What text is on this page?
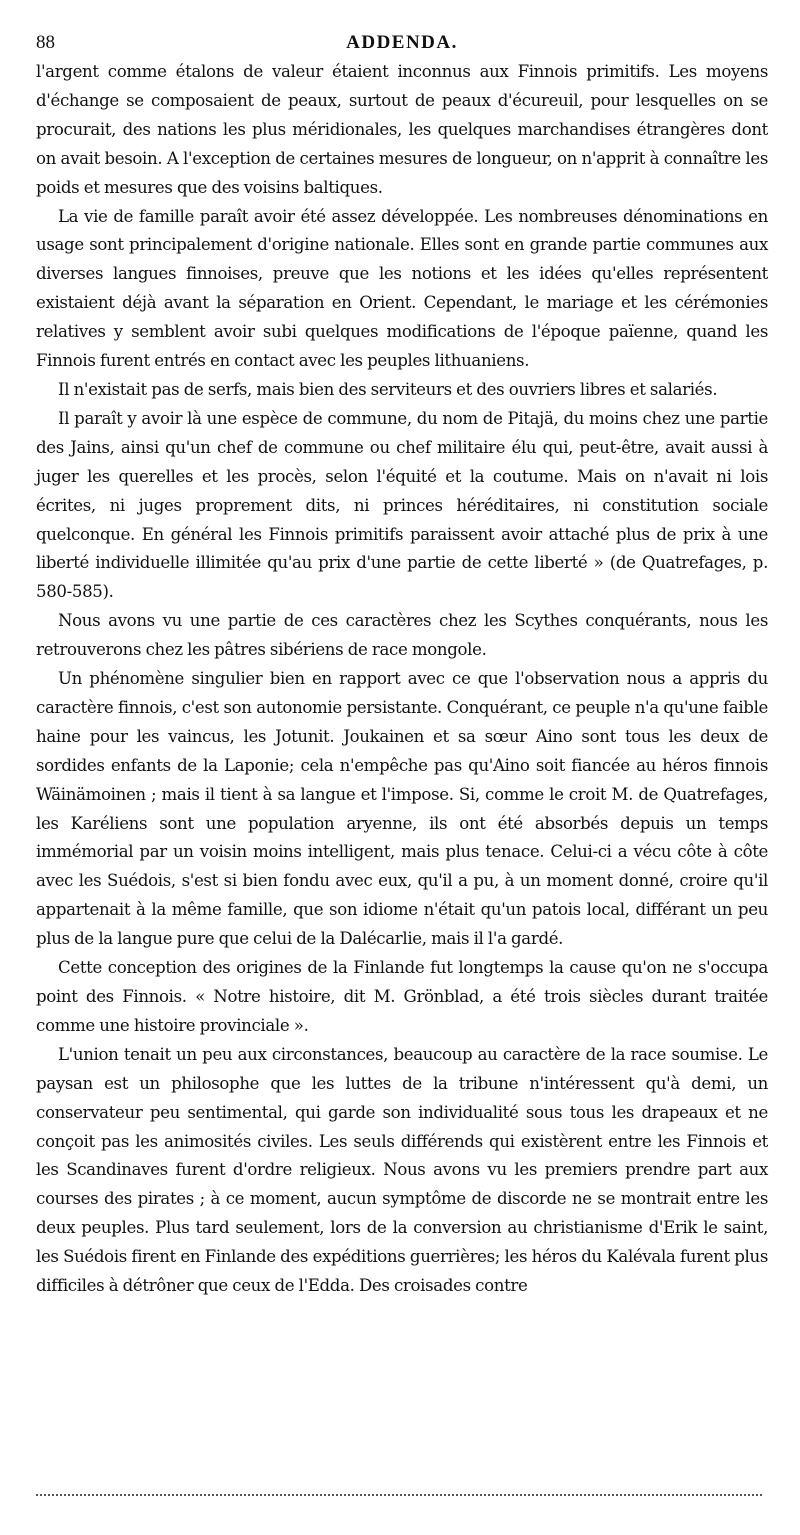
88	ADDENDA.

l'argent comme étalons de valeur étaient inconnus aux Finnois primitifs. Les moyens d'échange se composaient de peaux, surtout de peaux d'écureuil, pour lesquelles on se procurait, des nations les plus méridionales, les quelques marchandises étrangères dont on avait besoin. A l'exception de certaines mesures de longueur, on n'apprit à connaître les poids et mesures que des voisins baltiques.

La vie de famille paraît avoir été assez développée. Les nombreuses dénominations en usage sont principalement d'origine nationale. Elles sont en grande partie communes aux diverses langues finnoises, preuve que les notions et les idées qu'elles représentent existaient déjà avant la séparation en Orient. Cependant, le mariage et les cérémonies relatives y semblent avoir subi quelques modifications de l'époque païenne, quand les Finnois furent entrés en contact avec les peuples lithuaniens.

Il n'existait pas de serfs, mais bien des serviteurs et des ouvriers libres et salariés.

Il paraît y avoir là une espèce de commune, du nom de Pitajä, du moins chez une partie des Jains, ainsi qu'un chef de commune ou chef militaire élu qui, peut-être, avait aussi à juger les querelles et les procès, selon l'équité et la coutume. Mais on n'avait ni lois écrites, ni juges proprement dits, ni princes héréditaires, ni constitution sociale quelconque. En général les Finnois primitifs paraissent avoir attaché plus de prix à une liberté individuelle illimitée qu'au prix d'une partie de cette liberté » (de Quatrefages, p. 580-585).

Nous avons vu une partie de ces caractères chez les Scythes conquérants, nous les retrouverons chez les pâtres sibériens de race mongole.

Un phénomène singulier bien en rapport avec ce que l'observation nous a appris du caractère finnois, c'est son autonomie persistante. Conquérant, ce peuple n'a qu'une faible haine pour les vaincus, les Jotunit. Joukainen et sa sœur Aino sont tous les deux de sordides enfants de la Laponie; cela n'empêche pas qu'Aino soit fiancée au héros finnois Wäinämoinen ; mais il tient à sa langue et l'impose. Si, comme le croit M. de Quatrefages, les Karéliens sont une population aryenne, ils ont été absorbés depuis un temps immémorial par un voisin moins intelligent, mais plus tenace. Celui-ci a vécu côte à côte avec les Suédois, s'est si bien fondu avec eux, qu'il a pu, à un moment donné, croire qu'il appartenait à la même famille, que son idiome n'était qu'un patois local, différant un peu plus de la langue pure que celui de la Dalécarlie, mais il l'a gardé.

Cette conception des origines de la Finlande fut longtemps la cause qu'on ne s'occupa point des Finnois. « Notre histoire, dit M. Grönblad, a été trois siècles durant traitée comme une histoire provinciale ».

L'union tenait un peu aux circonstances, beaucoup au caractère de la race soumise. Le paysan est un philosophe que les luttes de la tribune n'intéressent qu'à demi, un conservateur peu sentimental, qui garde son individualité sous tous les drapeaux et ne conçoit pas les animosités civiles. Les seuls différends qui existèrent entre les Finnois et les Scandinaves furent d'ordre religieux. Nous avons vu les premiers prendre part aux courses des pirates ; à ce moment, aucun symptôme de discorde ne se montrait entre les deux peuples. Plus tard seulement, lors de la conversion au christianisme d'Erik le saint, les Suédois firent en Finlande des expéditions guerrières; les héros du Kalévala furent plus difficiles à détrôner que ceux de l'Edda. Des croisades contre
